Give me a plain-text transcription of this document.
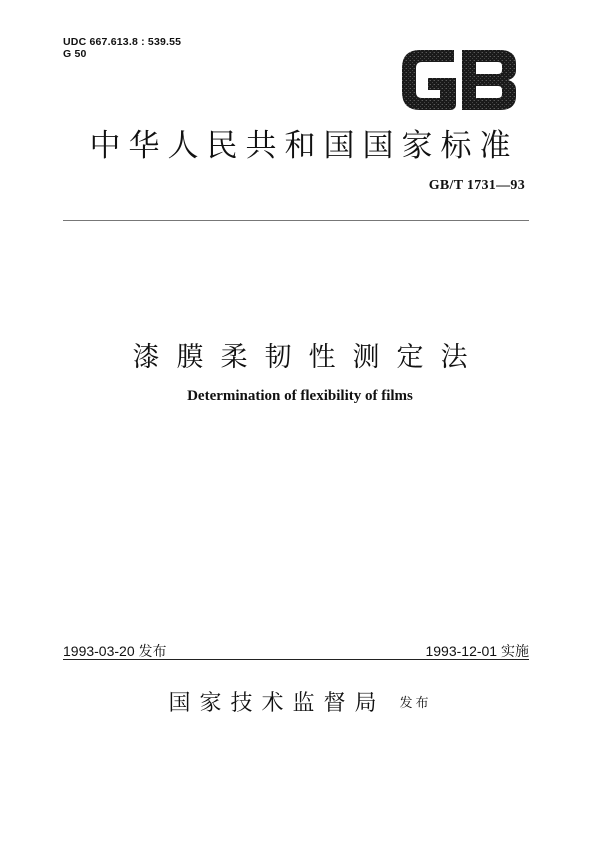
UDC 667.613.8 : 539.55
G 50
中华人民共和国国家标准
GB/T 1731—93
漆膜柔韧性测定法
Determination of flexibility of films
1993-03-20 发布	1993-12-01 实施
国家技术监督局 发布
